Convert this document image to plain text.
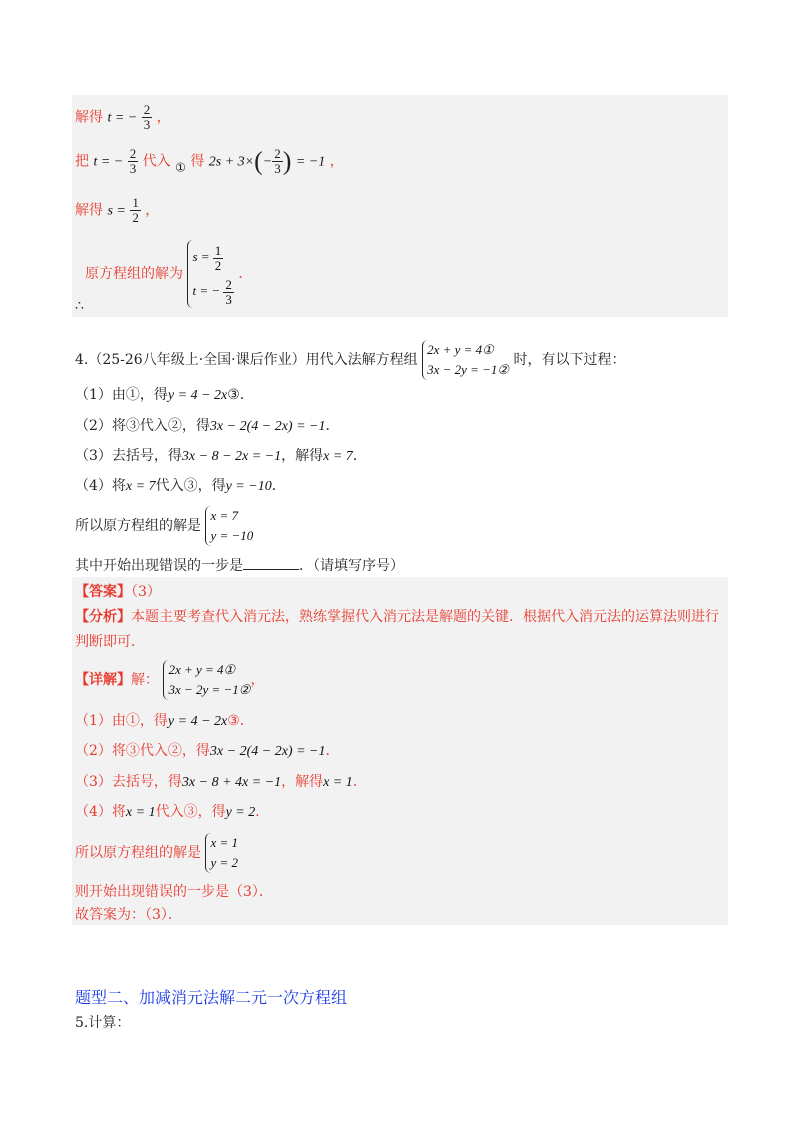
解得 t = − $\frac{2}{3}$ ，
把 t = − $\frac{2}{3}$ 代入 ① 得 $2s + 3\times(- \frac{2}{3}$ ) = −1 ，
解得 $s = \frac{1}{2}$ ，
原方程组的解为
$s = \frac{1}{2}$
t = − $\frac{2}{3}$
．
∴
4.（25-26八年级上·全国·课后作业）用代入法解方程组
2x + y = 4①
3x − 2y = −1②
时，有以下过程：
（1）由①，得y = 4 − 2x③．
（2）将③代入②，得3x − 2(4 − 2x) = −1．
（3）去括号，得3x − 8 − 2x = −1，解得x = 7．
（4）将x = 7代入③，得y = −10．
所以原方程组的解是
x = 7
y = −10
其中开始出现错误的一步是	．（请填写序号）
【答案】（3）
【分析】本题主要考查代入消元法，熟练掌握代入消元法是解题的关键．根据代入消元法的运算法则进行
判断即可．
【详解】解：
2x + y = 4①
3x − 2y = −1②
，
（1）由①，得y = 4 − 2x③．
（2）将③代入②，得3x − 2(4 − 2x) = −1．
（3）去括号，得3x − 8 + 4x = −1，解得x = 1．
（4）将x = 1代入③，得y = 2．
所以原方程组的解是
x = 1
y = 2
则开始出现错误的一步是（3）．
故答案为：（3）．
题型二、加减消元法解二元一次方程组
5.计算：
